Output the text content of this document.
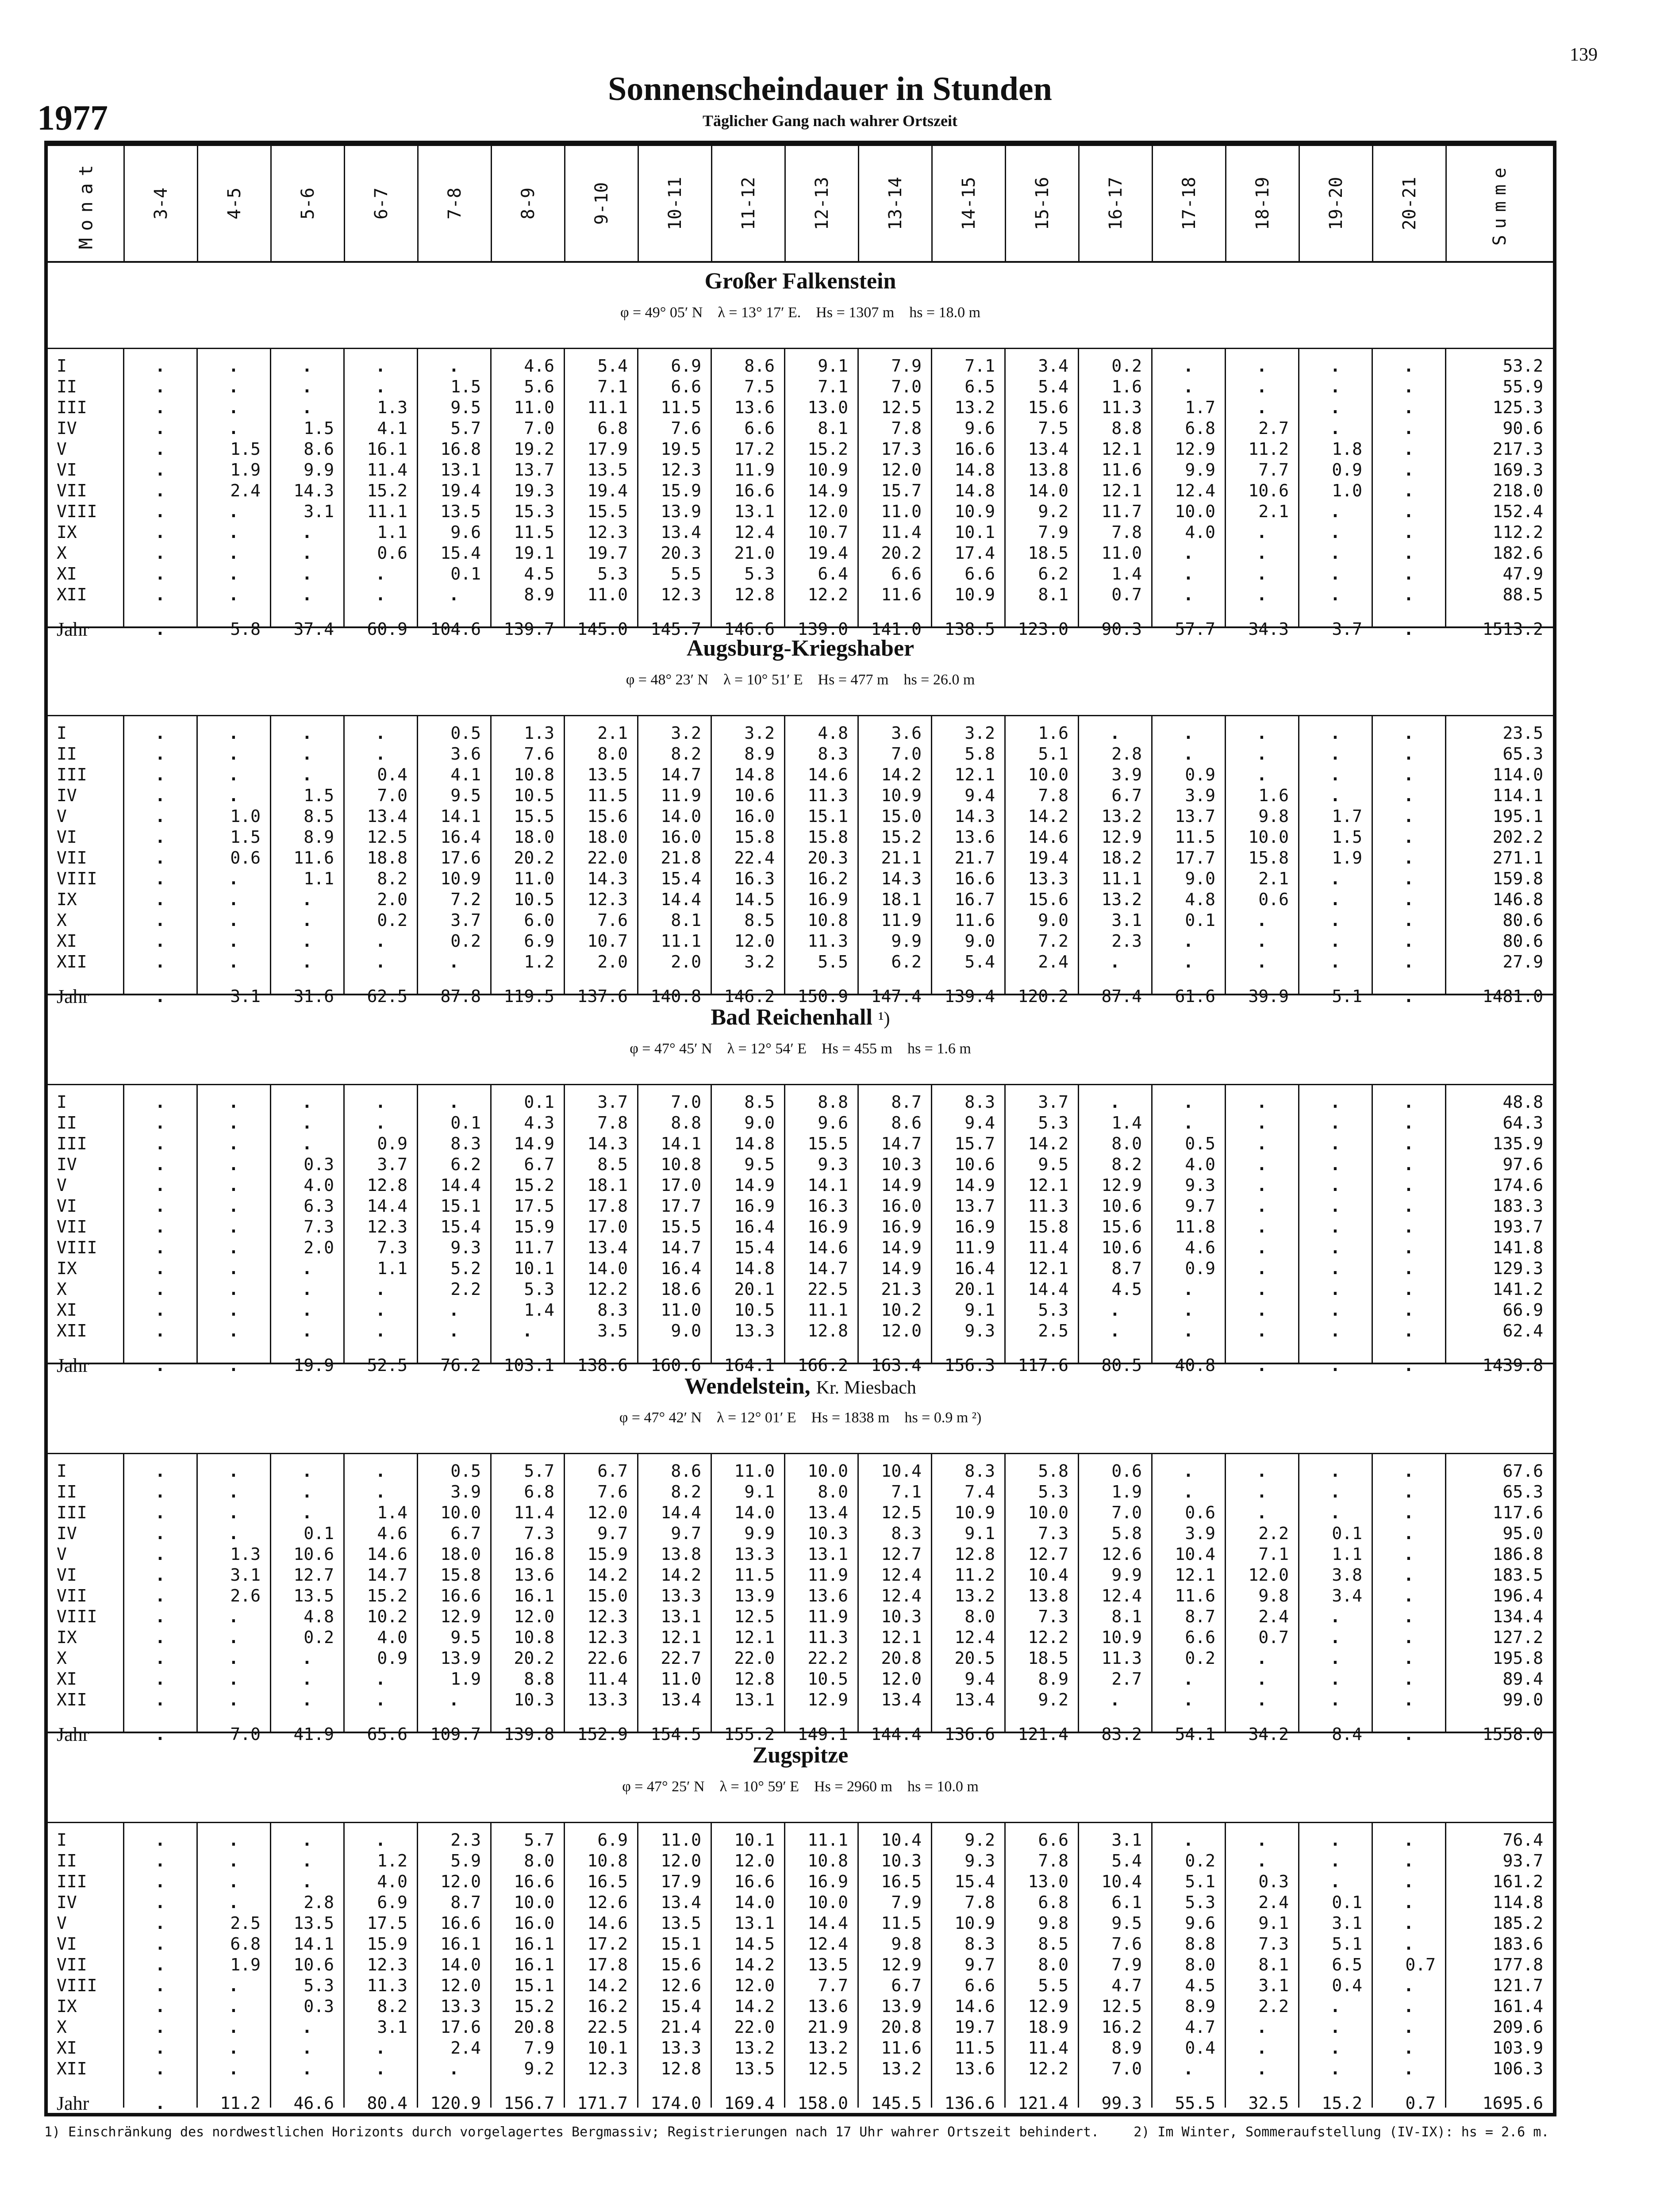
139
1977
Sonnenscheindauer in Stunden
Täglicher Gang nach wahrer Ortszeit
Monat	3-4	4-5	5-6	6-7	7-8	8-9	9-10	10-11	11-12	12-13	13-14	14-15	15-16	16-17	17-18	18-19	19-20	20-21	Summe
Großer Falkenstein
φ = 49° 05′ N    λ = 13° 17′ E.    Hs = 1307 m    hs = 18.0 m
I	.	.	.	.	.	4.6	5.4	6.9	8.6	9.1	7.9	7.1	3.4	0.2	.	.	.	.	53.2
II	.	.	.	.	1.5	5.6	7.1	6.6	7.5	7.1	7.0	6.5	5.4	1.6	.	.	.	.	55.9
III	.	.	.	1.3	9.5	11.0	11.1	11.5	13.6	13.0	12.5	13.2	15.6	11.3	1.7	.	.	.	125.3
IV	.	.	1.5	4.1	5.7	7.0	6.8	7.6	6.6	8.1	7.8	9.6	7.5	8.8	6.8	2.7	.	.	90.6
V	.	1.5	8.6	16.1	16.8	19.2	17.9	19.5	17.2	15.2	17.3	16.6	13.4	12.1	12.9	11.2	1.8	.	217.3
VI	.	1.9	9.9	11.4	13.1	13.7	13.5	12.3	11.9	10.9	12.0	14.8	13.8	11.6	9.9	7.7	0.9	.	169.3
VII	.	2.4	14.3	15.2	19.4	19.3	19.4	15.9	16.6	14.9	15.7	14.8	14.0	12.1	12.4	10.6	1.0	.	218.0
VIII	.	.	3.1	11.1	13.5	15.3	15.5	13.9	13.1	12.0	11.0	10.9	9.2	11.7	10.0	2.1	.	.	152.4
IX	.	.	.	1.1	9.6	11.5	12.3	13.4	12.4	10.7	11.4	10.1	7.9	7.8	4.0	.	.	.	112.2
X	.	.	.	0.6	15.4	19.1	19.7	20.3	21.0	19.4	20.2	17.4	18.5	11.0	.	.	.	.	182.6
XI	.	.	.	.	0.1	4.5	5.3	5.5	5.3	6.4	6.6	6.6	6.2	1.4	.	.	.	.	47.9
XII	.	.	.	.	.	8.9	11.0	12.3	12.8	12.2	11.6	10.9	8.1	0.7	.	.	.	.	88.5
Jahr	.	5.8	37.4	60.9	104.6	139.7	145.0	145.7	146.6	139.0	141.0	138.5	123.0	90.3	57.7	34.3	3.7	.	1513.2
Augsburg-Kriegshaber
φ = 48° 23′ N    λ = 10° 51′ E    Hs = 477 m    hs = 26.0 m
I	.	.	.	.	0.5	1.3	2.1	3.2	3.2	4.8	3.6	3.2	1.6	.	.	.	.	.	23.5
II	.	.	.	.	3.6	7.6	8.0	8.2	8.9	8.3	7.0	5.8	5.1	2.8	.	.	.	.	65.3
III	.	.	.	0.4	4.1	10.8	13.5	14.7	14.8	14.6	14.2	12.1	10.0	3.9	0.9	.	.	.	114.0
IV	.	.	1.5	7.0	9.5	10.5	11.5	11.9	10.6	11.3	10.9	9.4	7.8	6.7	3.9	1.6	.	.	114.1
V	.	1.0	8.5	13.4	14.1	15.5	15.6	14.0	16.0	15.1	15.0	14.3	14.2	13.2	13.7	9.8	1.7	.	195.1
VI	.	1.5	8.9	12.5	16.4	18.0	18.0	16.0	15.8	15.8	15.2	13.6	14.6	12.9	11.5	10.0	1.5	.	202.2
VII	.	0.6	11.6	18.8	17.6	20.2	22.0	21.8	22.4	20.3	21.1	21.7	19.4	18.2	17.7	15.8	1.9	.	271.1
VIII	.	.	1.1	8.2	10.9	11.0	14.3	15.4	16.3	16.2	14.3	16.6	13.3	11.1	9.0	2.1	.	.	159.8
IX	.	.	.	2.0	7.2	10.5	12.3	14.4	14.5	16.9	18.1	16.7	15.6	13.2	4.8	0.6	.	.	146.8
X	.	.	.	0.2	3.7	6.0	7.6	8.1	8.5	10.8	11.9	11.6	9.0	3.1	0.1	.	.	.	80.6
XI	.	.	.	.	0.2	6.9	10.7	11.1	12.0	11.3	9.9	9.0	7.2	2.3	.	.	.	.	80.6
XII	.	.	.	.	.	1.2	2.0	2.0	3.2	5.5	6.2	5.4	2.4	.	.	.	.	.	27.9
Jahr	.	3.1	31.6	62.5	87.8	119.5	137.6	140.8	146.2	150.9	147.4	139.4	120.2	87.4	61.6	39.9	5.1	.	1481.0
Bad Reichenhall ¹)
φ = 47° 45′ N    λ = 12° 54′ E    Hs = 455 m    hs = 1.6 m
I	.	.	.	.	.	0.1	3.7	7.0	8.5	8.8	8.7	8.3	3.7	.	.	.	.	.	48.8
II	.	.	.	.	0.1	4.3	7.8	8.8	9.0	9.6	8.6	9.4	5.3	1.4	.	.	.	.	64.3
III	.	.	.	0.9	8.3	14.9	14.3	14.1	14.8	15.5	14.7	15.7	14.2	8.0	0.5	.	.	.	135.9
IV	.	.	0.3	3.7	6.2	6.7	8.5	10.8	9.5	9.3	10.3	10.6	9.5	8.2	4.0	.	.	.	97.6
V	.	.	4.0	12.8	14.4	15.2	18.1	17.0	14.9	14.1	14.9	14.9	12.1	12.9	9.3	.	.	.	174.6
VI	.	.	6.3	14.4	15.1	17.5	17.8	17.7	16.9	16.3	16.0	13.7	11.3	10.6	9.7	.	.	.	183.3
VII	.	.	7.3	12.3	15.4	15.9	17.0	15.5	16.4	16.9	16.9	16.9	15.8	15.6	11.8	.	.	.	193.7
VIII	.	.	2.0	7.3	9.3	11.7	13.4	14.7	15.4	14.6	14.9	11.9	11.4	10.6	4.6	.	.	.	141.8
IX	.	.	.	1.1	5.2	10.1	14.0	16.4	14.8	14.7	14.9	16.4	12.1	8.7	0.9	.	.	.	129.3
X	.	.	.	.	2.2	5.3	12.2	18.6	20.1	22.5	21.3	20.1	14.4	4.5	.	.	.	.	141.2
XI	.	.	.	.	.	1.4	8.3	11.0	10.5	11.1	10.2	9.1	5.3	.	.	.	.	.	66.9
XII	.	.	.	.	.	.	3.5	9.0	13.3	12.8	12.0	9.3	2.5	.	.	.	.	.	62.4
Jahr	.	.	19.9	52.5	76.2	103.1	138.6	160.6	164.1	166.2	163.4	156.3	117.6	80.5	40.8	.	.	.	1439.8
Wendelstein, Kr. Miesbach
φ = 47° 42′ N    λ = 12° 01′ E    Hs = 1838 m    hs = 0.9 m ²)
I	.	.	.	.	0.5	5.7	6.7	8.6	11.0	10.0	10.4	8.3	5.8	0.6	.	.	.	.	67.6
II	.	.	.	.	3.9	6.8	7.6	8.2	9.1	8.0	7.1	7.4	5.3	1.9	.	.	.	.	65.3
III	.	.	.	1.4	10.0	11.4	12.0	14.4	14.0	13.4	12.5	10.9	10.0	7.0	0.6	.	.	.	117.6
IV	.	.	0.1	4.6	6.7	7.3	9.7	9.7	9.9	10.3	8.3	9.1	7.3	5.8	3.9	2.2	0.1	.	95.0
V	.	1.3	10.6	14.6	18.0	16.8	15.9	13.8	13.3	13.1	12.7	12.8	12.7	12.6	10.4	7.1	1.1	.	186.8
VI	.	3.1	12.7	14.7	15.8	13.6	14.2	14.2	11.5	11.9	12.4	11.2	10.4	9.9	12.1	12.0	3.8	.	183.5
VII	.	2.6	13.5	15.2	16.6	16.1	15.0	13.3	13.9	13.6	12.4	13.2	13.8	12.4	11.6	9.8	3.4	.	196.4
VIII	.	.	4.8	10.2	12.9	12.0	12.3	13.1	12.5	11.9	10.3	8.0	7.3	8.1	8.7	2.4	.	.	134.4
IX	.	.	0.2	4.0	9.5	10.8	12.3	12.1	12.1	11.3	12.1	12.4	12.2	10.9	6.6	0.7	.	.	127.2
X	.	.	.	0.9	13.9	20.2	22.6	22.7	22.0	22.2	20.8	20.5	18.5	11.3	0.2	.	.	.	195.8
XI	.	.	.	.	1.9	8.8	11.4	11.0	12.8	10.5	12.0	9.4	8.9	2.7	.	.	.	.	89.4
XII	.	.	.	.	.	10.3	13.3	13.4	13.1	12.9	13.4	13.4	9.2	.	.	.	.	.	99.0
Jahr	.	7.0	41.9	65.6	109.7	139.8	152.9	154.5	155.2	149.1	144.4	136.6	121.4	83.2	54.1	34.2	8.4	.	1558.0
Zugspitze
φ = 47° 25′ N    λ = 10° 59′ E    Hs = 2960 m    hs = 10.0 m
I	.	.	.	.	2.3	5.7	6.9	11.0	10.1	11.1	10.4	9.2	6.6	3.1	.	.	.	.	76.4
II	.	.	.	1.2	5.9	8.0	10.8	12.0	12.0	10.8	10.3	9.3	7.8	5.4	0.2	.	.	.	93.7
III	.	.	.	4.0	12.0	16.6	16.5	17.9	16.6	16.9	16.5	15.4	13.0	10.4	5.1	0.3	.	.	161.2
IV	.	.	2.8	6.9	8.7	10.0	12.6	13.4	14.0	10.0	7.9	7.8	6.8	6.1	5.3	2.4	0.1	.	114.8
V	.	2.5	13.5	17.5	16.6	16.0	14.6	13.5	13.1	14.4	11.5	10.9	9.8	9.5	9.6	9.1	3.1	.	185.2
VI	.	6.8	14.1	15.9	16.1	16.1	17.2	15.1	14.5	12.4	9.8	8.3	8.5	7.6	8.8	7.3	5.1	.	183.6
VII	.	1.9	10.6	12.3	14.0	16.1	17.8	15.6	14.2	13.5	12.9	9.7	8.0	7.9	8.0	8.1	6.5	0.7	177.8
VIII	.	.	5.3	11.3	12.0	15.1	14.2	12.6	12.0	7.7	6.7	6.6	5.5	4.7	4.5	3.1	0.4	.	121.7
IX	.	.	0.3	8.2	13.3	15.2	16.2	15.4	14.2	13.6	13.9	14.6	12.9	12.5	8.9	2.2	.	.	161.4
X	.	.	.	3.1	17.6	20.8	22.5	21.4	22.0	21.9	20.8	19.7	18.9	16.2	4.7	.	.	.	209.6
XI	.	.	.	.	2.4	7.9	10.1	13.3	13.2	13.2	11.6	11.5	11.4	8.9	0.4	.	.	.	103.9
XII	.	.	.	.	.	9.2	12.3	12.8	13.5	12.5	13.2	13.6	12.2	7.0	.	.	.	.	106.3
Jahr	.	11.2	46.6	80.4	120.9	156.7	171.7	174.0	169.4	158.0	145.5	136.6	121.4	99.3	55.5	32.5	15.2	0.7	1695.6
1) Einschränkung des nordwestlichen Horizonts durch vorgelagertes Bergmassiv; Registrierungen nach 17 Uhr wahrer Ortszeit behindert.	2) Im Winter, Sommeraufstellung (IV-IX): hs = 2.6 m.
